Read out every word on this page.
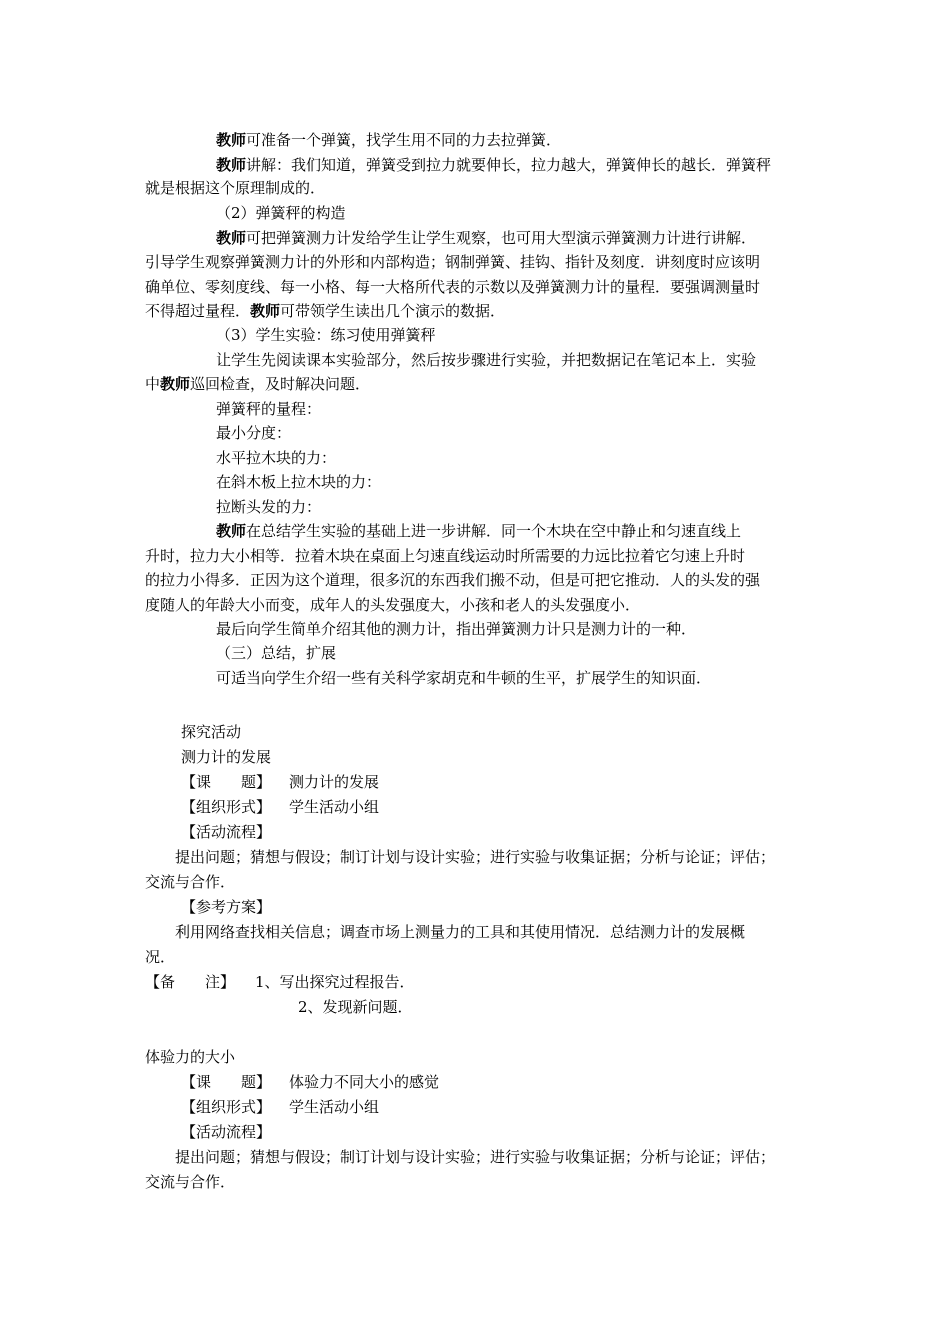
教师可准备一个弹簧，找学生用不同的力去拉弹簧．
教师讲解：我们知道，弹簧受到拉力就要伸长，拉力越大，弹簧伸长的越长．弹簧秤
就是根据这个原理制成的．
（2）弹簧秤的构造
教师可把弹簧测力计发给学生让学生观察，也可用大型演示弹簧测力计进行讲解．
引导学生观察弹簧测力计的外形和内部构造；钢制弹簧、挂钩、指针及刻度．讲刻度时应该明
确单位、零刻度线、每一小格、每一大格所代表的示数以及弹簧测力计的量程．要强调测量时
不得超过量程．教师可带领学生读出几个演示的数据．
（3）学生实验：练习使用弹簧秤
让学生先阅读课本实验部分，然后按步骤进行实验，并把数据记在笔记本上．实验
中教师巡回检查，及时解决问题．
弹簧秤的量程：
最小分度：
水平拉木块的力：
在斜木板上拉木块的力：
拉断头发的力：
教师在总结学生实验的基础上进一步讲解．同一个木块在空中静止和匀速直线上
升时，拉力大小相等．拉着木块在桌面上匀速直线运动时所需要的力远比拉着它匀速上升时
的拉力小得多．正因为这个道理，很多沉的东西我们搬不动，但是可把它推动．人的头发的强
度随人的年龄大小而变，成年人的头发强度大，小孩和老人的头发强度小．
最后向学生简单介绍其他的测力计，指出弹簧测力计只是测力计的一种．
（三）总结，扩展
可适当向学生介绍一些有关科学家胡克和牛顿的生平，扩展学生的知识面．
探究活动
测力计的发展
【课　　题】 测力计的发展
【组织形式】 学生活动小组
【活动流程】
提出问题；猜想与假设；制订计划与设计实验；进行实验与收集证据；分析与论证；评估；
交流与合作．
【参考方案】
利用网络查找相关信息；调查市场上测量力的工具和其使用情况．总结测力计的发展概
况．
【备　　注】 1、写出探究过程报告．
2、发现新问题．
体验力的大小
【课　　题】 体验力不同大小的感觉
【组织形式】 学生活动小组
【活动流程】
提出问题；猜想与假设；制订计划与设计实验；进行实验与收集证据；分析与论证；评估；
交流与合作．
